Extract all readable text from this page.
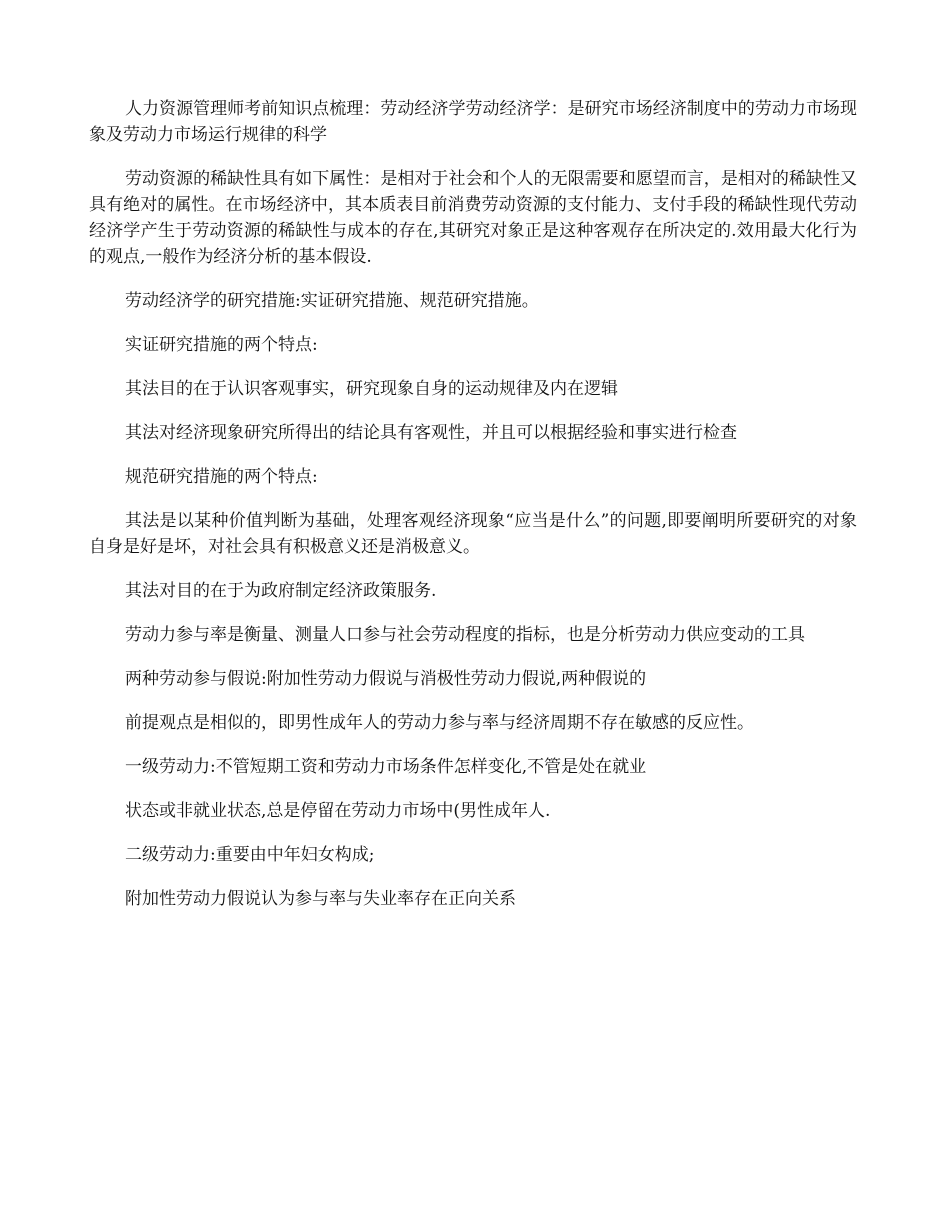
人力资源管理师考前知识点梳理：劳动经济学劳动经济学：是研究市场经济制度中的劳动力市场现象及劳动力市场运行规律的科学

劳动资源的稀缺性具有如下属性：是相对于社会和个人的无限需要和愿望而言，是相对的稀缺性又具有绝对的属性。在市场经济中，其本质表目前消费劳动资源的支付能力、支付手段的稀缺性现代劳动经济学产生于劳动资源的稀缺性与成本的存在,其研究对象正是这种客观存在所决定的.效用最大化行为的观点,一般作为经济分析的基本假设.

劳动经济学的研究措施:实证研究措施、规范研究措施。

实证研究措施的两个特点:

其法目的在于认识客观事实，研究现象自身的运动规律及内在逻辑

其法对经济现象研究所得出的结论具有客观性，并且可以根据经验和事实进行检查

规范研究措施的两个特点:

其法是以某种价值判断为基础，处理客观经济现象“应当是什么”的问题,即要阐明所要研究的对象自身是好是坏，对社会具有积极意义还是消极意义。

其法对目的在于为政府制定经济政策服务.

劳动力参与率是衡量、测量人口参与社会劳动程度的指标，也是分析劳动力供应变动的工具

两种劳动参与假说:附加性劳动力假说与消极性劳动力假说,两种假说的

前提观点是相似的，即男性成年人的劳动力参与率与经济周期不存在敏感的反应性。

一级劳动力:不管短期工资和劳动力市场条件怎样变化,不管是处在就业

状态或非就业状态,总是停留在劳动力市场中(男性成年人.

二级劳动力:重要由中年妇女构成;

附加性劳动力假说认为参与率与失业率存在正向关系
